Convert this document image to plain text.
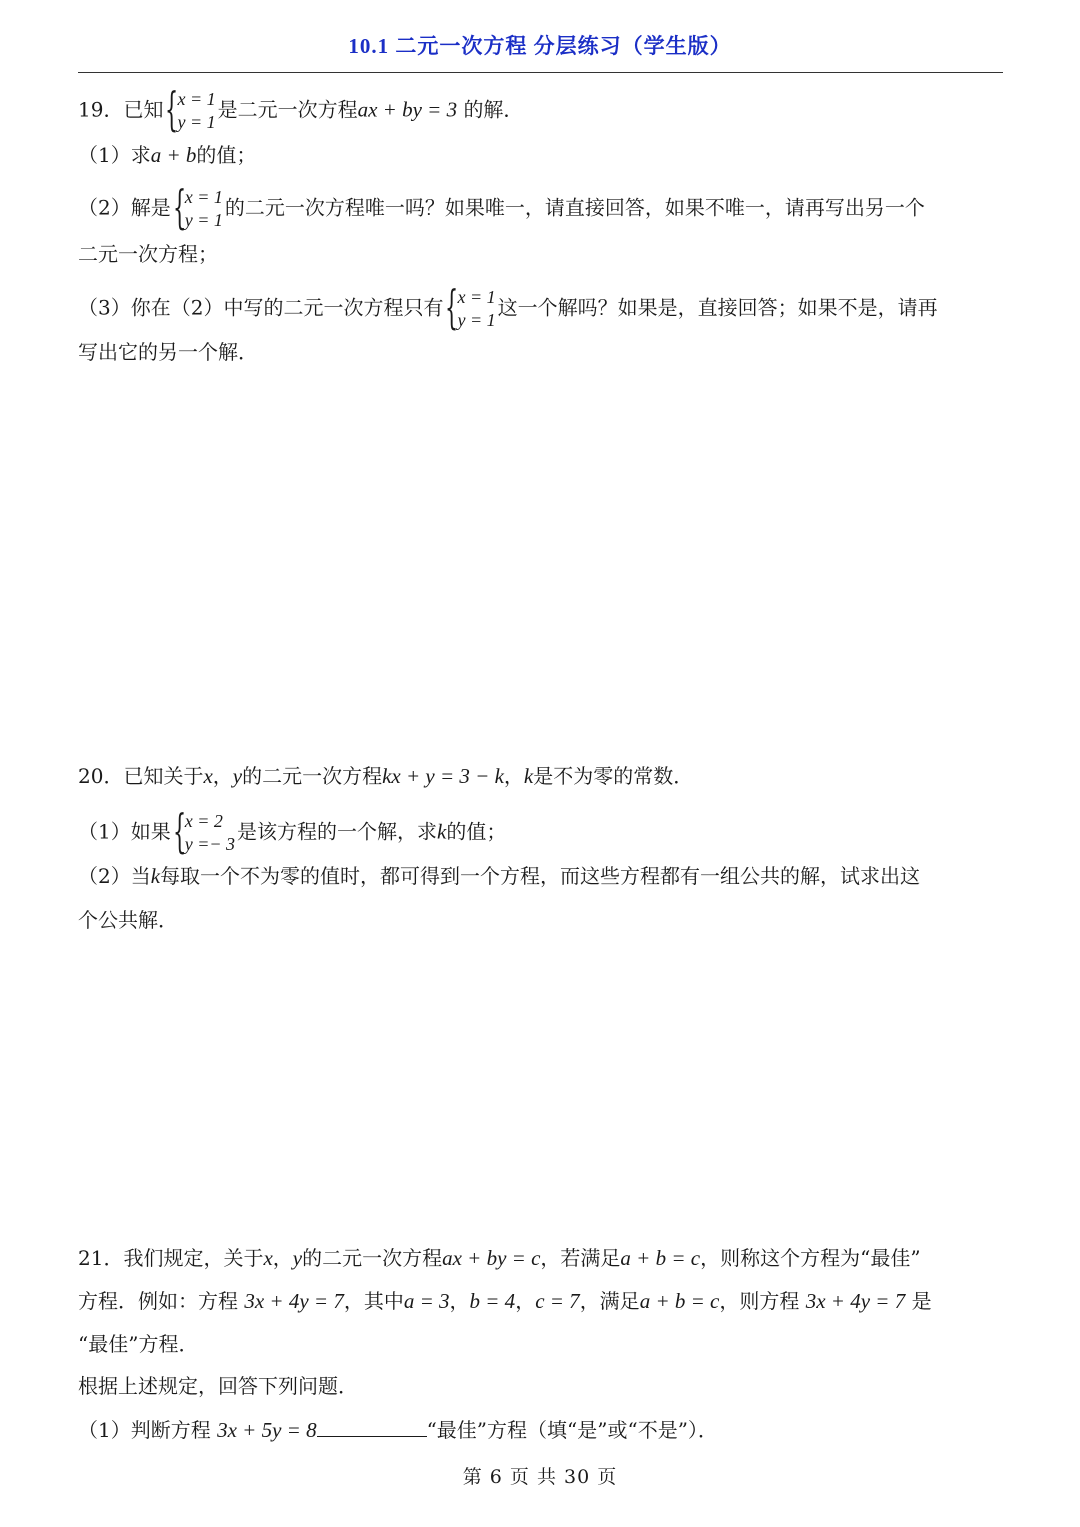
10.1 二元一次方程 分层练习（学生版）
19．已知 {
x = 1
y = 1
是二元一次方程ax + by = 3 的解．
（1）求a + b的值；
（2）解是 {
x = 1
y = 1
的二元一次方程唯一吗？如果唯一，请直接回答，如果不唯一，请再写出另一个
二元一次方程；
（3）你在（2）中写的二元一次方程只有 {
x = 1
y = 1
这一个解吗？如果是，直接回答；如果不是，请再
写出它的另一个解．
20．已知关于x，y的二元一次方程kx + y = 3 − k，k是不为零的常数．
（1）如果 {
x = 2
y =− 3
是该方程的一个解，求k的值；
（2）当k每取一个不为零的值时，都可得到一个方程，而这些方程都有一组公共的解，试求出这
个公共解．
21．我们规定，关于x，y的二元一次方程ax + by = c，若满足a + b = c，则称这个方程为“最佳”
方程．例如：方程 3x + 4y = 7，其中a = 3，b = 4，c = 7，满足a + b = c，则方程 3x + 4y = 7 是
“最佳”方程．
根据上述规定，回答下列问题．
（1）判断方程 3x + 5y = 8	“最佳”方程（填“是”或“不是”）．
第 6 页 共 30 页
